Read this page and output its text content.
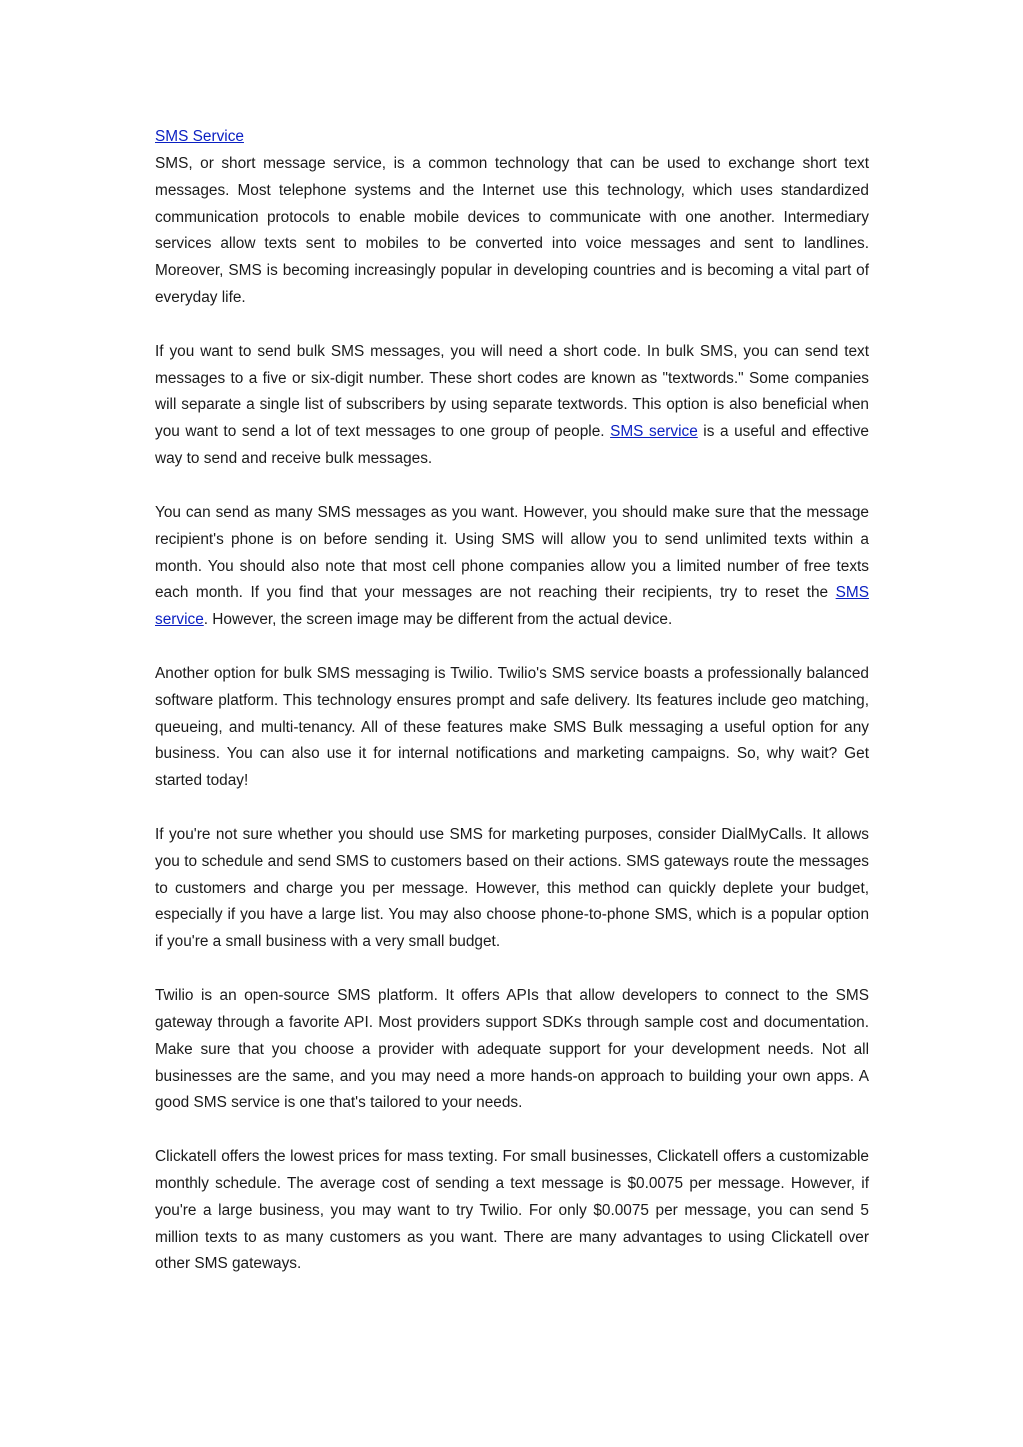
SMS Service

SMS, or short message service, is a common technology that can be used to exchange short text messages. Most telephone systems and the Internet use this technology, which uses standardized communication protocols to enable mobile devices to communicate with one another. Intermediary services allow texts sent to mobiles to be converted into voice messages and sent to landlines. Moreover, SMS is becoming increasingly popular in developing countries and is becoming a vital part of everyday life.

If you want to send bulk SMS messages, you will need a short code. In bulk SMS, you can send text messages to a five or six-digit number. These short codes are known as "textwords." Some companies will separate a single list of subscribers by using separate textwords. This option is also beneficial when you want to send a lot of text messages to one group of people. SMS service is a useful and effective way to send and receive bulk messages.

You can send as many SMS messages as you want. However, you should make sure that the message recipient's phone is on before sending it. Using SMS will allow you to send unlimited texts within a month. You should also note that most cell phone companies allow you a limited number of free texts each month. If you find that your messages are not reaching their recipients, try to reset the SMS service. However, the screen image may be different from the actual device.

Another option for bulk SMS messaging is Twilio. Twilio's SMS service boasts a professionally balanced software platform. This technology ensures prompt and safe delivery. Its features include geo matching, queueing, and multi-tenancy. All of these features make SMS Bulk messaging a useful option for any business. You can also use it for internal notifications and marketing campaigns. So, why wait? Get started today!

If you're not sure whether you should use SMS for marketing purposes, consider DialMyCalls. It allows you to schedule and send SMS to customers based on their actions. SMS gateways route the messages to customers and charge you per message. However, this method can quickly deplete your budget, especially if you have a large list. You may also choose phone-to-phone SMS, which is a popular option if you're a small business with a very small budget.

Twilio is an open-source SMS platform. It offers APIs that allow developers to connect to the SMS gateway through a favorite API. Most providers support SDKs through sample cost and documentation. Make sure that you choose a provider with adequate support for your development needs. Not all businesses are the same, and you may need a more hands-on approach to building your own apps. A good SMS service is one that's tailored to your needs.

Clickatell offers the lowest prices for mass texting. For small businesses, Clickatell offers a customizable monthly schedule. The average cost of sending a text message is $0.0075 per message. However, if you're a large business, you may want to try Twilio. For only $0.0075 per message, you can send 5 million texts to as many customers as you want. There are many advantages to using Clickatell over other SMS gateways.
